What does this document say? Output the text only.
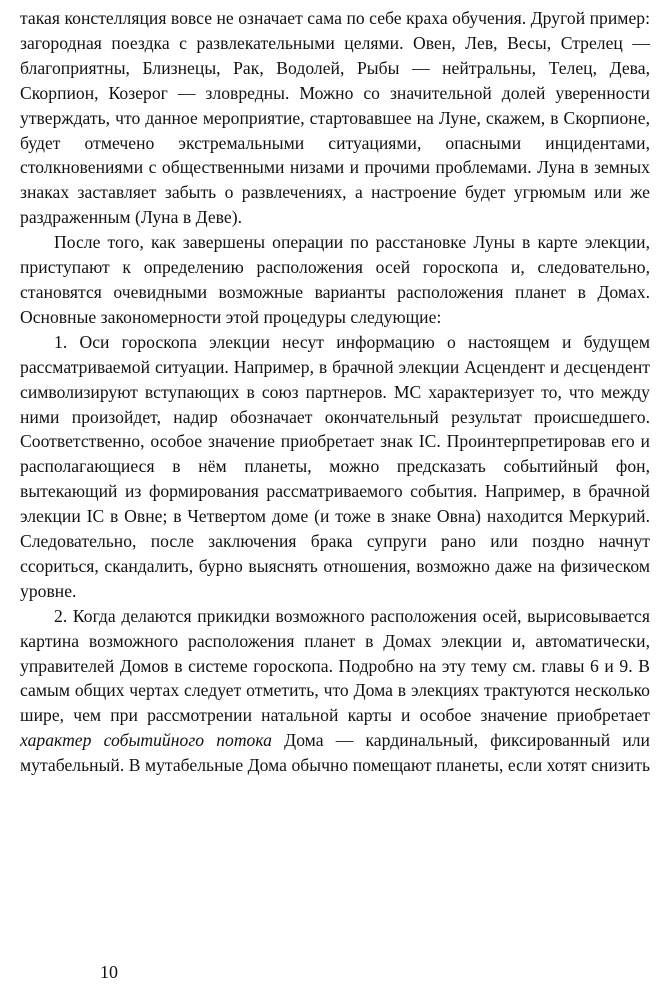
такая констелляция вовсе не означает сама по себе краха обучения. Другой пример: загородная поездка с развлекательными целями. Овен, Лев, Весы, Стрелец — благоприятны, Близнецы, Рак, Водолей, Рыбы — нейтральны, Телец, Дева, Скорпион, Козерог — зловредны. Можно со значительной долей уверенности утверждать, что данное мероприятие, стартовавшее на Луне, скажем, в Скорпионе, будет отмечено экстремальными ситуациями, опасными инцидентами, столкновениями с общественными низами и прочими проблемами. Луна в земных знаках заставляет забыть о развлечениях, а настроение будет угрюмым или же раздраженным (Луна в Деве).

После того, как завершены операции по расстановке Луны в карте элекции, приступают к определению расположения осей гороскопа и, следовательно, становятся очевидными возможные варианты расположения планет в Домах. Основные закономерности этой процедуры следующие:

1. Оси гороскопа элекции несут информацию о настоящем и будущем рассматриваемой ситуации. Например, в брачной элекции Асцендент и десцендент символизируют вступающих в союз партнеров. МС характеризует то, что между ними произойдет, надир обозначает окончательный результат происшедшего. Соответственно, особое значение приобретает знак IC. Проинтерпретировав его и располагающиеся в нём планеты, можно предсказать событийный фон, вытекающий из формирования рассматриваемого события. Например, в брачной элекции IC в Овне; в Четвертом доме (и тоже в знаке Овна) находится Меркурий. Следовательно, после заключения брака супруги рано или поздно начнут ссориться, скандалить, бурно выяснять отношения, возможно даже на физическом уровне.

2. Когда делаются прикидки возможного расположения осей, вырисовывается картина возможного расположения планет в Домах элекции и, автоматически, управителей Домов в системе гороскопа. Подробно на эту тему см. главы 6 и 9. В самым общих чертах следует отметить, что Дома в элекциях трактуются несколько шире, чем при рассмотрении натальной карты и особое значение приобретает характер событийного потока Дома — кардинальный, фиксированный или мутабельный. В мутабельные Дома обычно помещают планеты, если хотят снизить

10
